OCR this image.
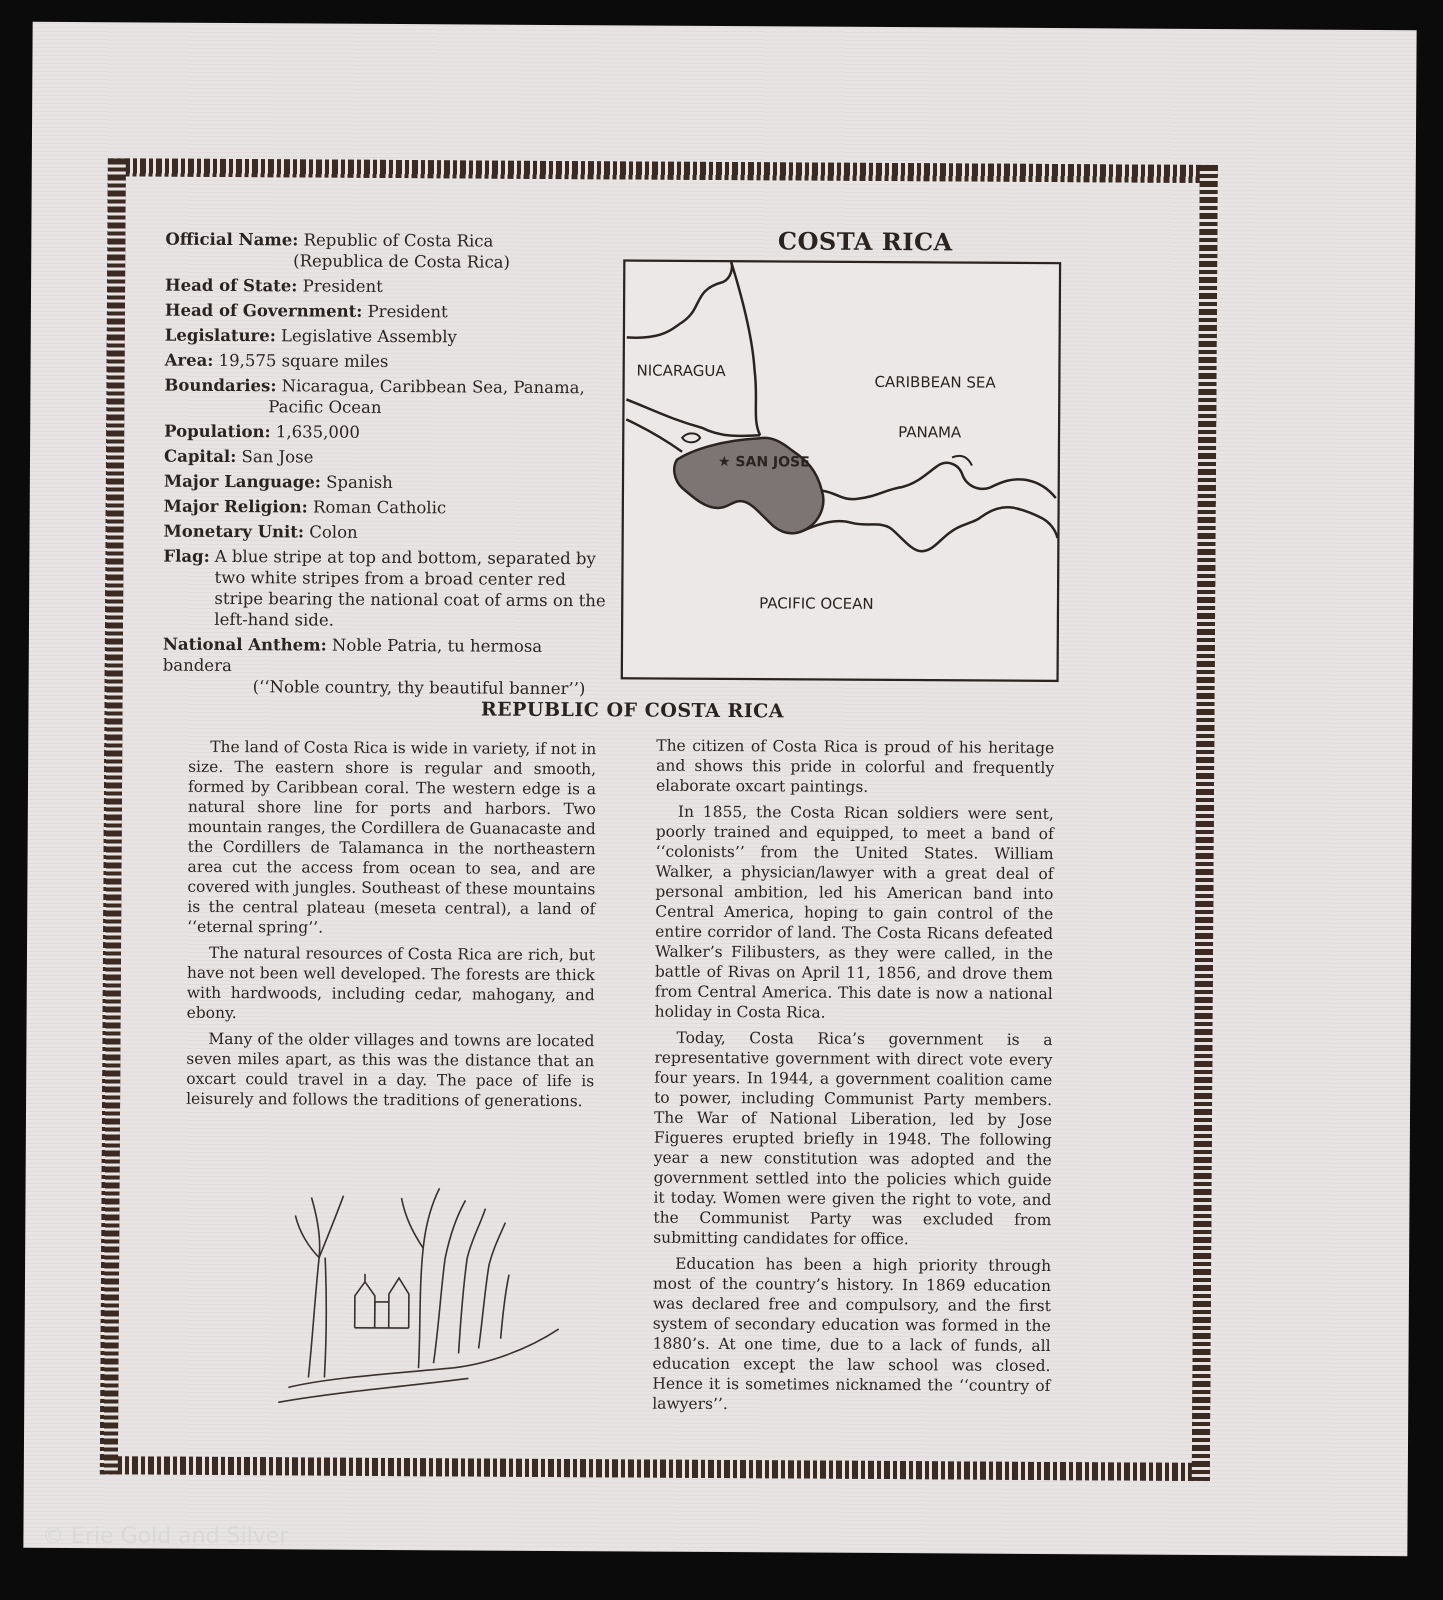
Official Name: Republic of Costa Rica
(Republica de Costa Rica)
Head of State: President
Head of Government: President
Legislature: Legislative Assembly
Area: 19,575 square miles
Boundaries: Nicaragua, Caribbean Sea, Panama,
Pacific Ocean
Population: 1,635,000
Capital: San Jose
Major Language: Spanish
Major Religion: Roman Catholic
Monetary Unit: Colon
Flag: A blue stripe at top and bottom, separated by two white stripes from a broad center red stripe bearing the national coat of arms on the left-hand side.
National Anthem: Noble Patria, tu hermosa bandera
(‘‘Noble country, thy beautiful banner’’)
COSTA RICA
NICARAGUA
CARIBBEAN SEA
PANAMA
★ SAN JOSE
PACIFIC OCEAN
REPUBLIC OF COSTA RICA

The land of Costa Rica is wide in variety, if not in size. The eastern shore is regular and smooth, formed by Caribbean coral. The western edge is a natural shore line for ports and harbors. Two mountain ranges, the Cordillera de Guanacaste and the Cordillers de Talamanca in the northeastern area cut the access from ocean to sea, and are covered with jungles. Southeast of these mountains is the central plateau (meseta central), a land of ‘‘eternal spring’’.

The natural resources of Costa Rica are rich, but have not been well developed. The forests are thick with hardwoods, including cedar, mahogany, and ebony.

Many of the older villages and towns are located seven miles apart, as this was the distance that an oxcart could travel in a day. The pace of life is leisurely and follows the traditions of generations.

The citizen of Costa Rica is proud of his heritage and shows this pride in colorful and frequently elaborate oxcart paintings.

In 1855, the Costa Rican soldiers were sent, poorly trained and equipped, to meet a band of ‘‘colonists’’ from the United States. William Walker, a physician/lawyer with a great deal of personal ambition, led his American band into Central America, hoping to gain control of the entire corridor of land. The Costa Ricans defeated Walker’s Filibusters, as they were called, in the battle of Rivas on April 11, 1856, and drove them from Central America. This date is now a national holiday in Costa Rica.

Today, Costa Rica’s government is a representative government with direct vote every four years. In 1944, a government coalition came to power, including Communist Party members. The War of National Liberation, led by Jose Figueres erupted briefly in 1948. The following year a new constitution was adopted and the government settled into the policies which guide it today. Women were given the right to vote, and the Communist Party was excluded from submitting candidates for office.

Education has been a high priority through most of the country’s history. In 1869 education was declared free and compulsory, and the first system of secondary education was formed in the 1880’s. At one time, due to a lack of funds, all education except the law school was closed. Hence it is sometimes nicknamed the ‘‘country of lawyers’’.

© Erie Gold and Silver
